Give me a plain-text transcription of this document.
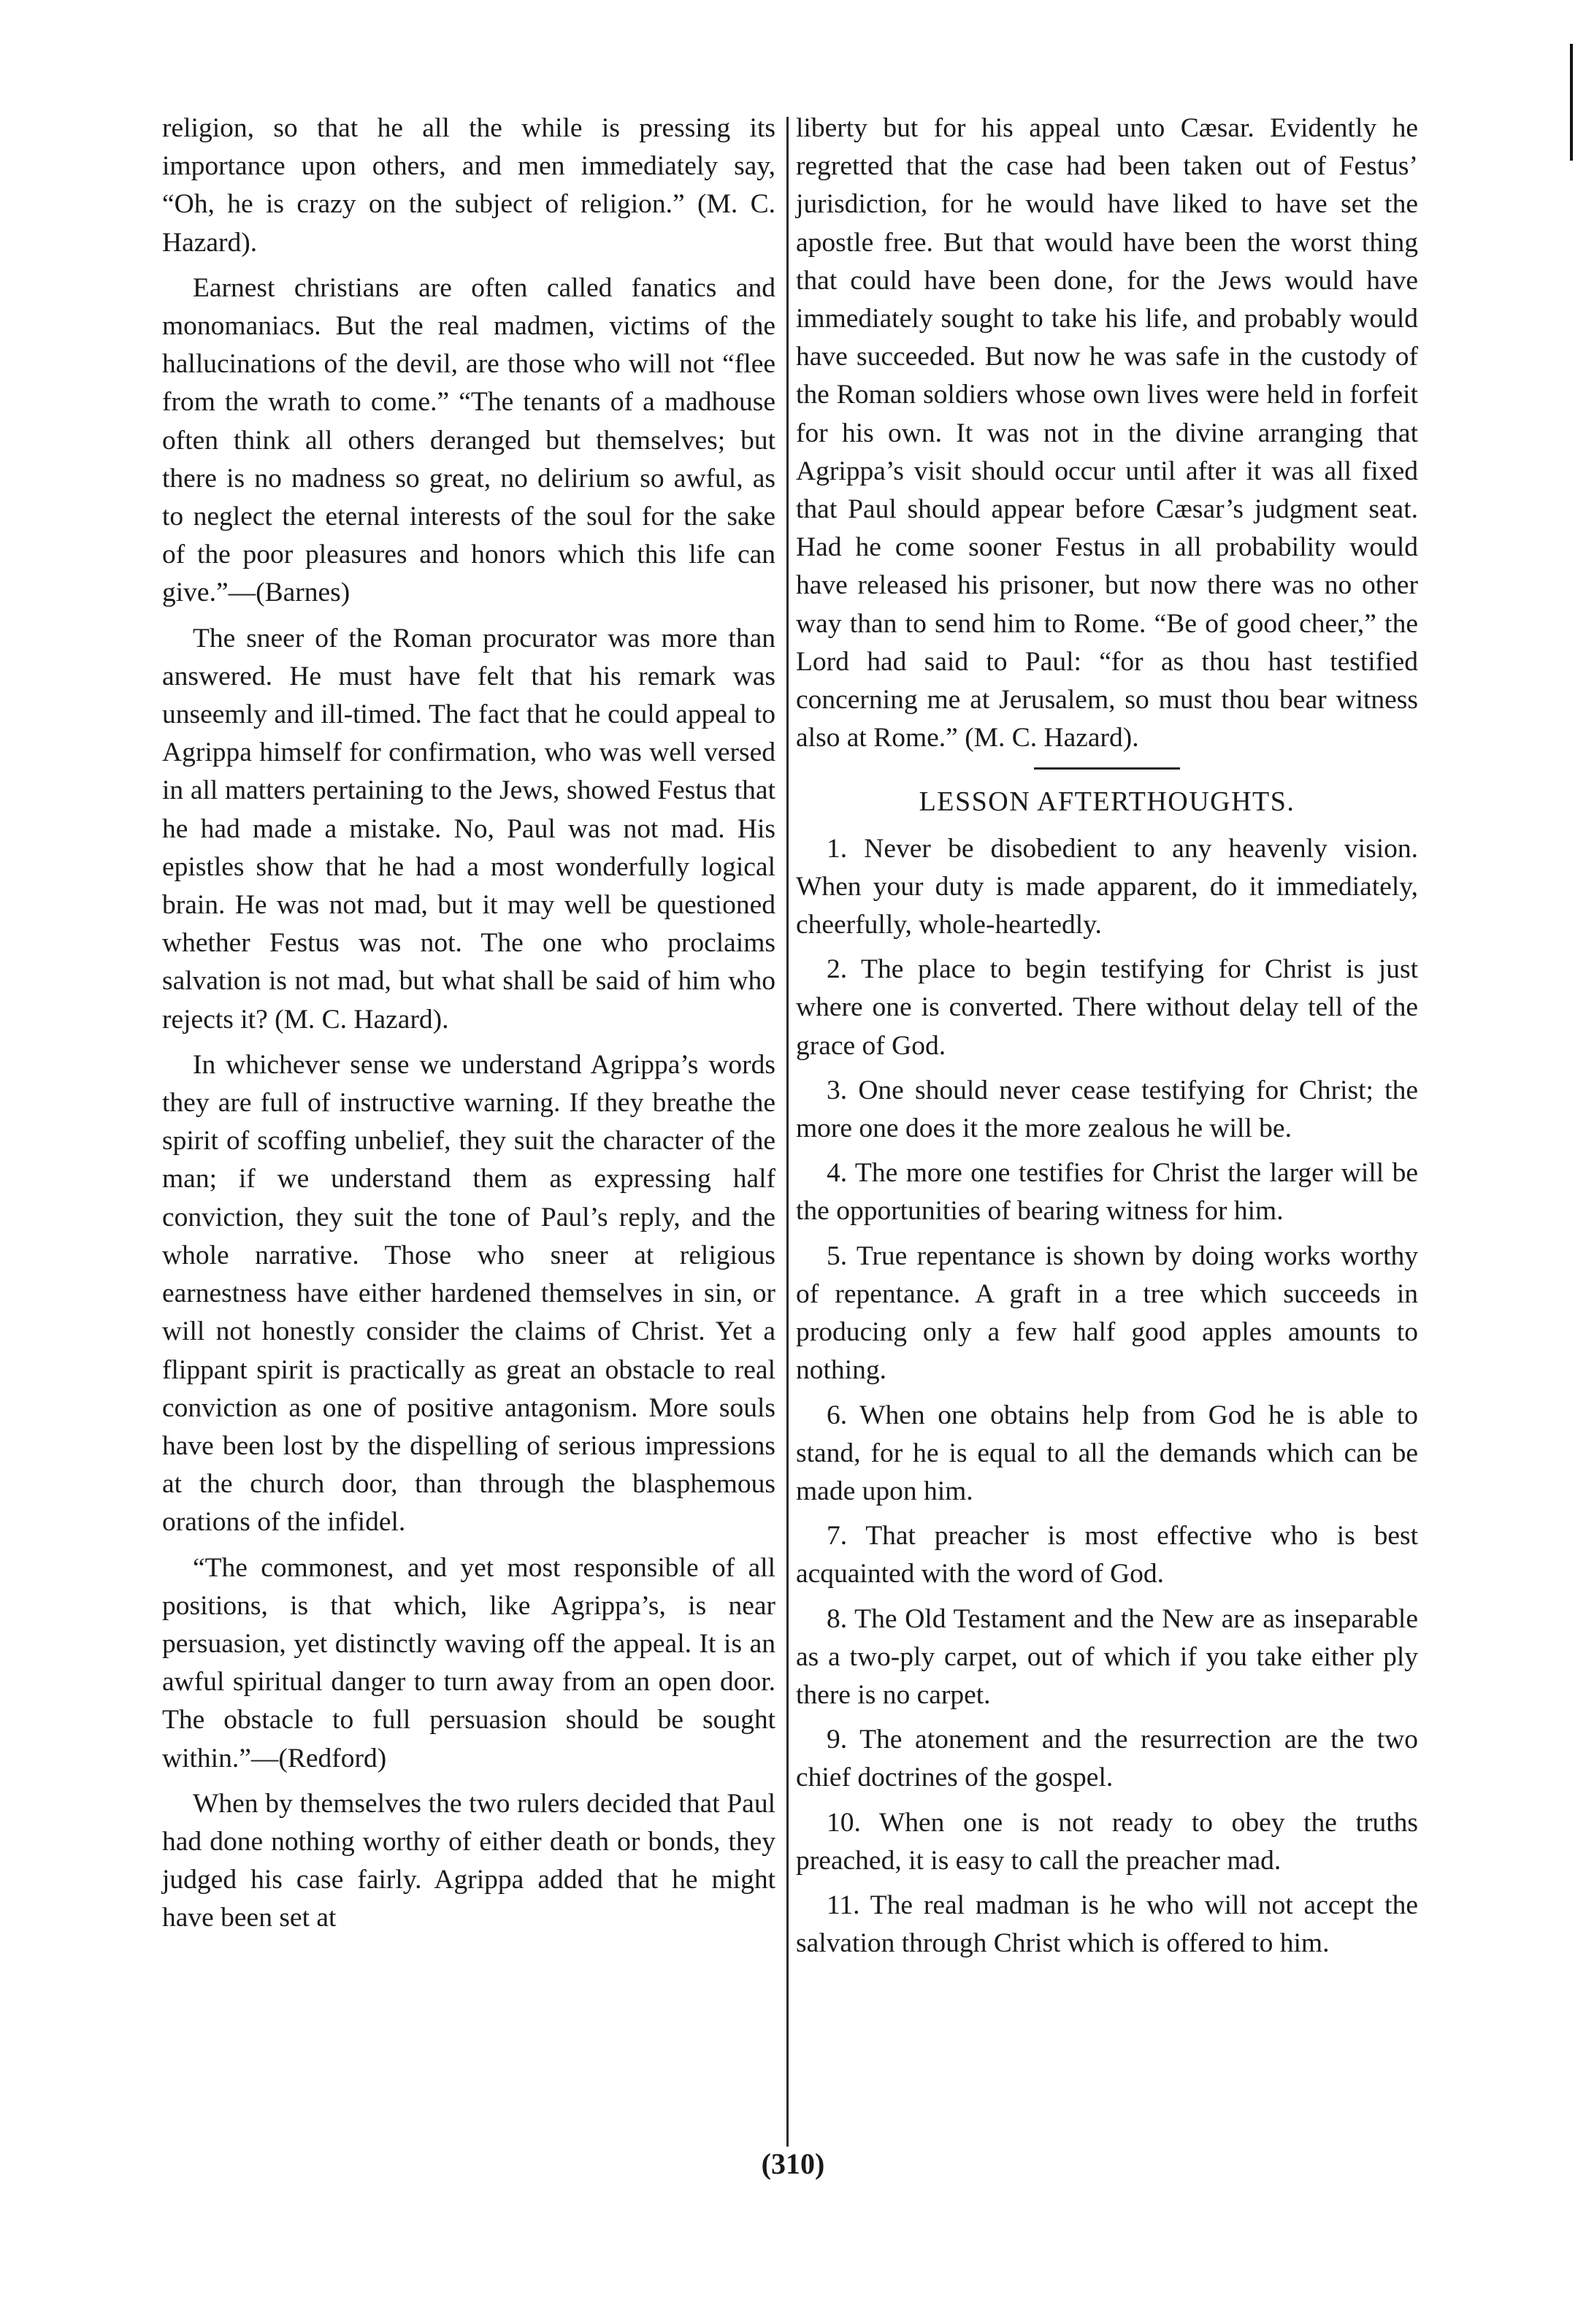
religion, so that he all the while is pressing its importance upon others, and men immediately say, “Oh, he is crazy on the subject of religion.” (M. C. Hazard).

Earnest christians are often called fanatics and monomaniacs. But the real madmen, victims of the hallucinations of the devil, are those who will not “flee from the wrath to come.” “The tenants of a madhouse often think all others deranged but themselves; but there is no madness so great, no delirium so awful, as to neglect the eternal interests of the soul for the sake of the poor pleasures and honors which this life can give.”—(Barnes)

The sneer of the Roman procurator was more than answered. He must have felt that his remark was unseemly and ill-timed. The fact that he could appeal to Agrippa himself for confirmation, who was well versed in all matters pertaining to the Jews, showed Festus that he had made a mistake. No, Paul was not mad. His epistles show that he had a most wonderfully logical brain. He was not mad, but it may well be questioned whether Festus was not. The one who proclaims salvation is not mad, but what shall be said of him who rejects it? (M. C. Hazard).

In whichever sense we understand Agrippa’s words they are full of instructive warning. If they breathe the spirit of scoffing unbelief, they suit the character of the man; if we understand them as expressing half conviction, they suit the tone of Paul’s reply, and the whole narrative. Those who sneer at religious earnestness have either hardened themselves in sin, or will not honestly consider the claims of Christ. Yet a flippant spirit is practically as great an obstacle to real conviction as one of positive antagonism. More souls have been lost by the dispelling of serious impressions at the church door, than through the blasphemous orations of the infidel.

“The commonest, and yet most responsible of all positions, is that which, like Agrippa’s, is near persuasion, yet distinctly waving off the appeal. It is an awful spiritual danger to turn away from an open door. The obstacle to full persuasion should be sought within.”—(Redford)

When by themselves the two rulers decided that Paul had done nothing worthy of either death or bonds, they judged his case fairly. Agrippa added that he might have been set at

liberty but for his appeal unto Cæsar. Evidently he regretted that the case had been taken out of Festus’ jurisdiction, for he would have liked to have set the apostle free. But that would have been the worst thing that could have been done, for the Jews would have immediately sought to take his life, and probably would have succeeded. But now he was safe in the custody of the Roman soldiers whose own lives were held in forfeit for his own. It was not in the divine arranging that Agrippa’s visit should occur until after it was all fixed that Paul should appear before Cæsar’s judgment seat. Had he come sooner Festus in all probability would have released his prisoner, but now there was no other way than to send him to Rome. “Be of good cheer,” the Lord had said to Paul: “for as thou hast testified concerning me at Jerusalem, so must thou bear witness also at Rome.” (M. C. Hazard).

LESSON AFTERTHOUGHTS.

1. Never be disobedient to any heavenly vision. When your duty is made apparent, do it immediately, cheerfully, whole-heartedly.

2. The place to begin testifying for Christ is just where one is converted. There without delay tell of the grace of God.

3. One should never cease testifying for Christ; the more one does it the more zealous he will be.

4. The more one testifies for Christ the larger will be the opportunities of bearing witness for him.

5. True repentance is shown by doing works worthy of repentance. A graft in a tree which succeeds in producing only a few half good apples amounts to nothing.

6. When one obtains help from God he is able to stand, for he is equal to all the demands which can be made upon him.

7. That preacher is most effective who is best acquainted with the word of God.

8. The Old Testament and the New are as inseparable as a two-ply carpet, out of which if you take either ply there is no carpet.

9. The atonement and the resurrection are the two chief doctrines of the gospel.

10. When one is not ready to obey the truths preached, it is easy to call the preacher mad.

11. The real madman is he who will not accept the salvation through Christ which is offered to him.

(310)
